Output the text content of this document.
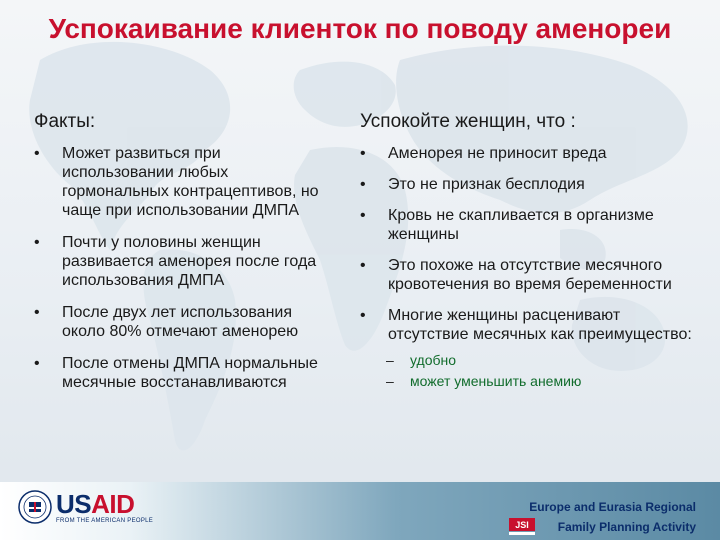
Успокаивание клиенток по поводу аменореи
Факты:
• Может развиться при использовании любых гормональных контрацептивов, но чаще при использовании ДМПА
• Почти у половины женщин развивается аменорея после года использования ДМПА
• После двух лет использования около 80% отмечают аменорею
• После отмены ДМПА нормальные месячные восстанавливаются
Успокойте женщин, что :
• Аменорея не приносит вреда
• Это не признак бесплодия
• Кровь не скапливается в организме женщины
• Это похоже на отсутствие месячного кровотечения во время беременности
• Многие женщины расценивают отсутствие месячных как преимущество:
– удобно
– может уменьшить анемию
USAID
FROM THE AMERICAN PEOPLE
Europe and Eurasia Regional
JSI Family Planning Activity
